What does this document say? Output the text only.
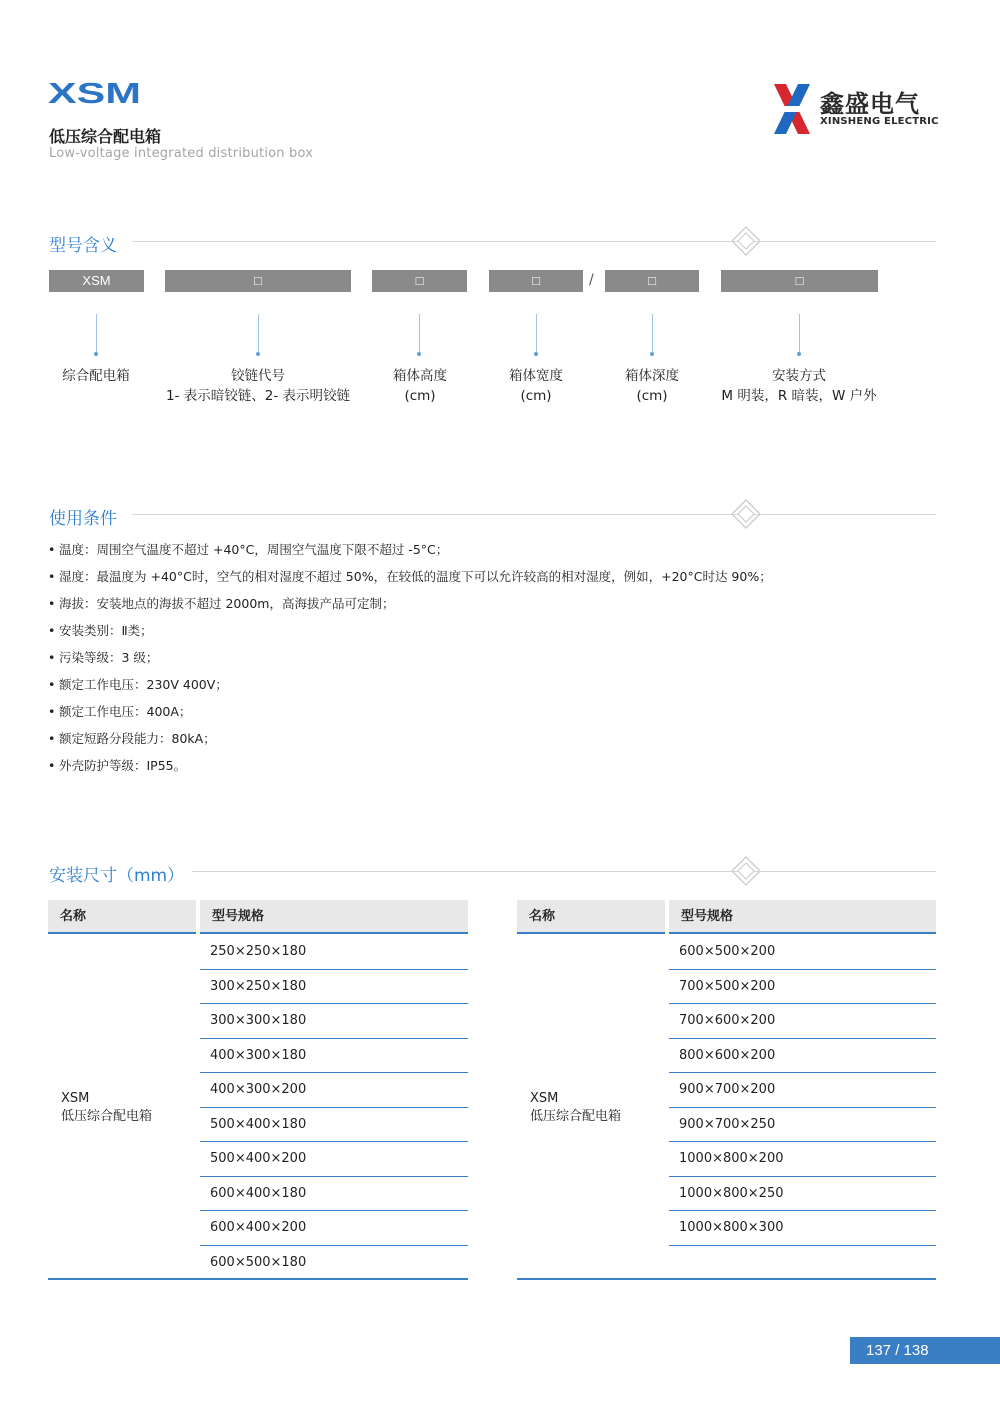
XSM
低压综合配电箱
Low-voltage integrated distribution box
鑫盛电气
XINSHENG ELECTRIC
型号含义
XSM	□	□	□	/	□	□
综合配电箱	铰链代号
1- 表示暗铰链、2- 表示明铰链
箱体高度
(cm)
箱体宽度
(cm)
箱体深度
(cm)
安装方式
M 明装，R 暗装，W 户外
使用条件
• 温度：周围空气温度不超过 +40°C，周围空气温度下限不超过 -5°C；
• 湿度：最温度为 +40°C时，空气的相对湿度不超过 50%，在较低的温度下可以允许较高的相对湿度，例如，+20°C时达 90%；
• 海拔：安装地点的海拔不超过 2000m，高海拔产品可定制；
• 安装类别：Ⅱ类；
• 污染等级：3 级；
• 额定工作电压：230V 400V；
• 额定工作电压：400A；
• 额定短路分段能力：80kA；
• 外壳防护等级：IP55。
安装尺寸（mm）
名称	型号规格
XSM
低压综合配电箱
250×250×180
300×250×180
300×300×180
400×300×180
400×300×200
500×400×180
500×400×200
600×400×180
600×400×200
600×500×180
名称	型号规格
XSM
低压综合配电箱
600×500×200
700×500×200
700×600×200
800×600×200
900×700×200
900×700×250
1000×800×200
1000×800×250
1000×800×300
137 / 138
